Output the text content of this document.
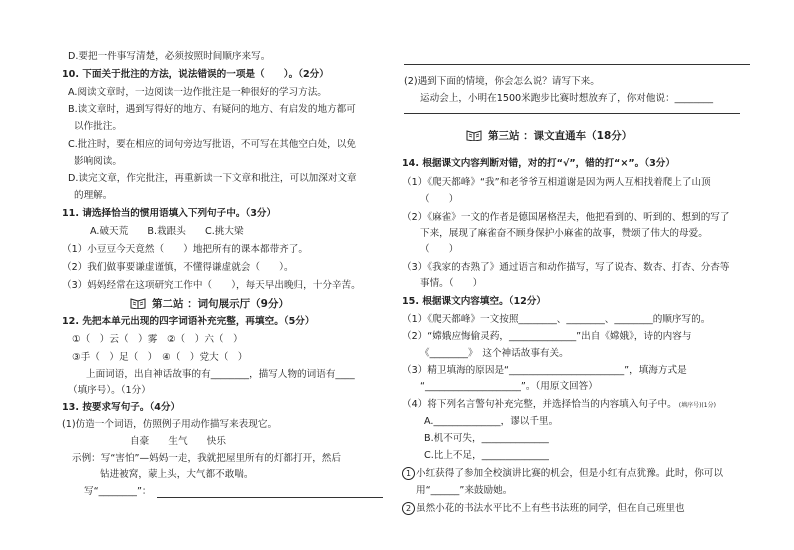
D.要把一件事写清楚，必须按照时间顺序来写。
10. 下面关于批注的方法，说法错误的一项是（　　）。（2分）
A.阅读文章时，一边阅读一边作批注是一种很好的学习方法。
B.读文章时，遇到写得好的地方、有疑问的地方、有启发的地方都可
以作批注。
C.批注时，要在相应的词句旁边写批语，不可写在其他空白处，以免
影响阅读。
D.读完文章，作完批注，再重新读一下文章和批注，可以加深对文章
的理解。
11. 请选择恰当的惯用语填入下列句子中。（3分）
A.破天荒　　B.栽跟头　　C.挑大梁
（1）小豆豆今天竟然（　　）地把所有的课本都带齐了。
（2）我们做事要谦虚谨慎，不懂得谦虚就会（　　）。
（3）妈妈经常在这项研究工作中（　　），每天早出晚归，十分辛苦。
第二站 ：词句展示厅（9分）
12. 先把本单元出现的四字词语补充完整，再填空。（5分）
①（　）云（　）雾　②（　）六（　）
③手（　）足（　）　④（　）党大（　）
上面词语，出自神话故事的有________，描写人物的词语有____
（填序号）。（1分）
13. 按要求写句子。（4分）
(1)仿造一个词语，仿照例子用动作描写来表现它。
自豪　　生气　　快乐
示例：写“害怕”—妈妈一走，我就把屋里所有的灯都打开，然后
钻进被窝，蒙上头，大气都不敢喘。
写“________”：
(2)遇到下面的情境，你会怎么说？请写下来。
运动会上，小明在1500米跑步比赛时想放弃了，你对他说：________
第三站 ：课文直通车（18分）
14. 根据课文内容判断对错，对的打“√”，错的打“×”。（3分）
（1）《爬天都峰》“我”和老爷爷互相道谢是因为两人互相找着爬上了山顶
（　　）
（2）《麻雀》一文的作者是德国屠格涅夫，他把看到的、听到的、想到的写了
下来，展现了麻雀奋不顾身保护小麻雀的故事，赞颂了伟大的母爱。
（　　）
（3）《我家的杏熟了》通过语言和动作描写，写了说杏、数杏、打杏、分杏等
事情。（　　）
15. 根据课文内容填空。（12分）
（1）《爬天都峰》一文按照________、________、________的顺序写的。
（2）“嫦娥应悔偷灵药，______________”出自《嫦娥》，诗的内容与
《________》　这个神话故事有关。
（3）精卫填海的原因是“________________________”，填海方式是
“____________________”。（用原文回答）
（4）将下列名言警句补充完整，并选择恰当的内容填入句子中。 (填序号)(1分)
A.______________，谬以千里。
B.机不可失，______________
C.比上不足，______________
1 小红获得了参加全校演讲比赛的机会，但是小红有点犹豫。此时，你可以
用“______”来鼓励她。
2 虽然小花的书法水平比不上有些书法班的同学，但在自己班里也
